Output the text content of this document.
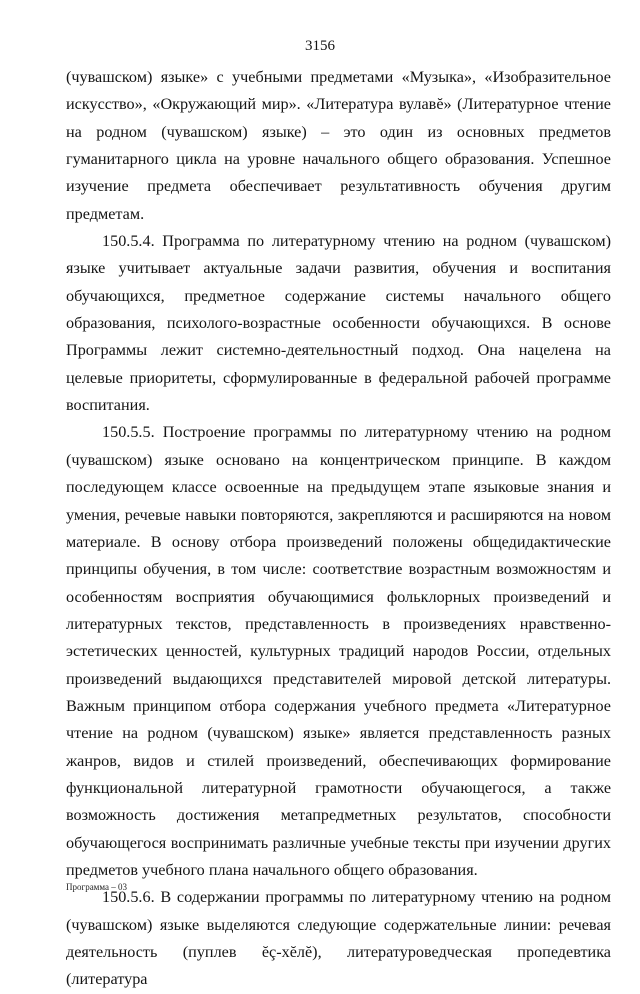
3156

(чувашском) языке» с учебными предметами «Музыка», «Изобразительное искусство», «Окружающий мир». «Литература вулавĕ» (Литературное чтение на родном (чувашском) языке) – это один из основных предметов гуманитарного цикла на уровне начального общего образования. Успешное изучение предмета обеспечивает результативность обучения другим предметам.

150.5.4. Программа по литературному чтению на родном (чувашском) языке учитывает актуальные задачи развития, обучения и воспитания обучающихся, предметное содержание системы начального общего образования, психолого-возрастные особенности обучающихся. В основе Программы лежит системно-деятельностный подход. Она нацелена на целевые приоритеты, сформулированные в федеральной рабочей программе воспитания.

150.5.5. Построение программы по литературному чтению на родном (чувашском) языке основано на концентрическом принципе. В каждом последующем классе освоенные на предыдущем этапе языковые знания и умения, речевые навыки повторяются, закрепляются и расширяются на новом материале. В основу отбора произведений положены общедидактические принципы обучения, в том числе: соответствие возрастным возможностям и особенностям восприятия обучающимися фольклорных произведений и литературных текстов, представленность в произведениях нравственно-эстетических ценностей, культурных традиций народов России, отдельных произведений выдающихся представителей мировой детской литературы. Важным принципом отбора содержания учебного предмета «Литературное чтение на родном (чувашском) языке» является представленность разных жанров, видов и стилей произведений, обеспечивающих формирование функциональной литературной грамотности обучающегося, а также возможность достижения метапредметных результатов, способности обучающегося воспринимать различные учебные тексты при изучении других предметов учебного плана начального общего образования.

150.5.6. В содержании программы по литературному чтению на родном (чувашском) языке выделяются следующие содержательные линии: речевая деятельность (пуплев ĕç-хĕлĕ), литературоведческая пропедевтика (литература

Программа – 03
